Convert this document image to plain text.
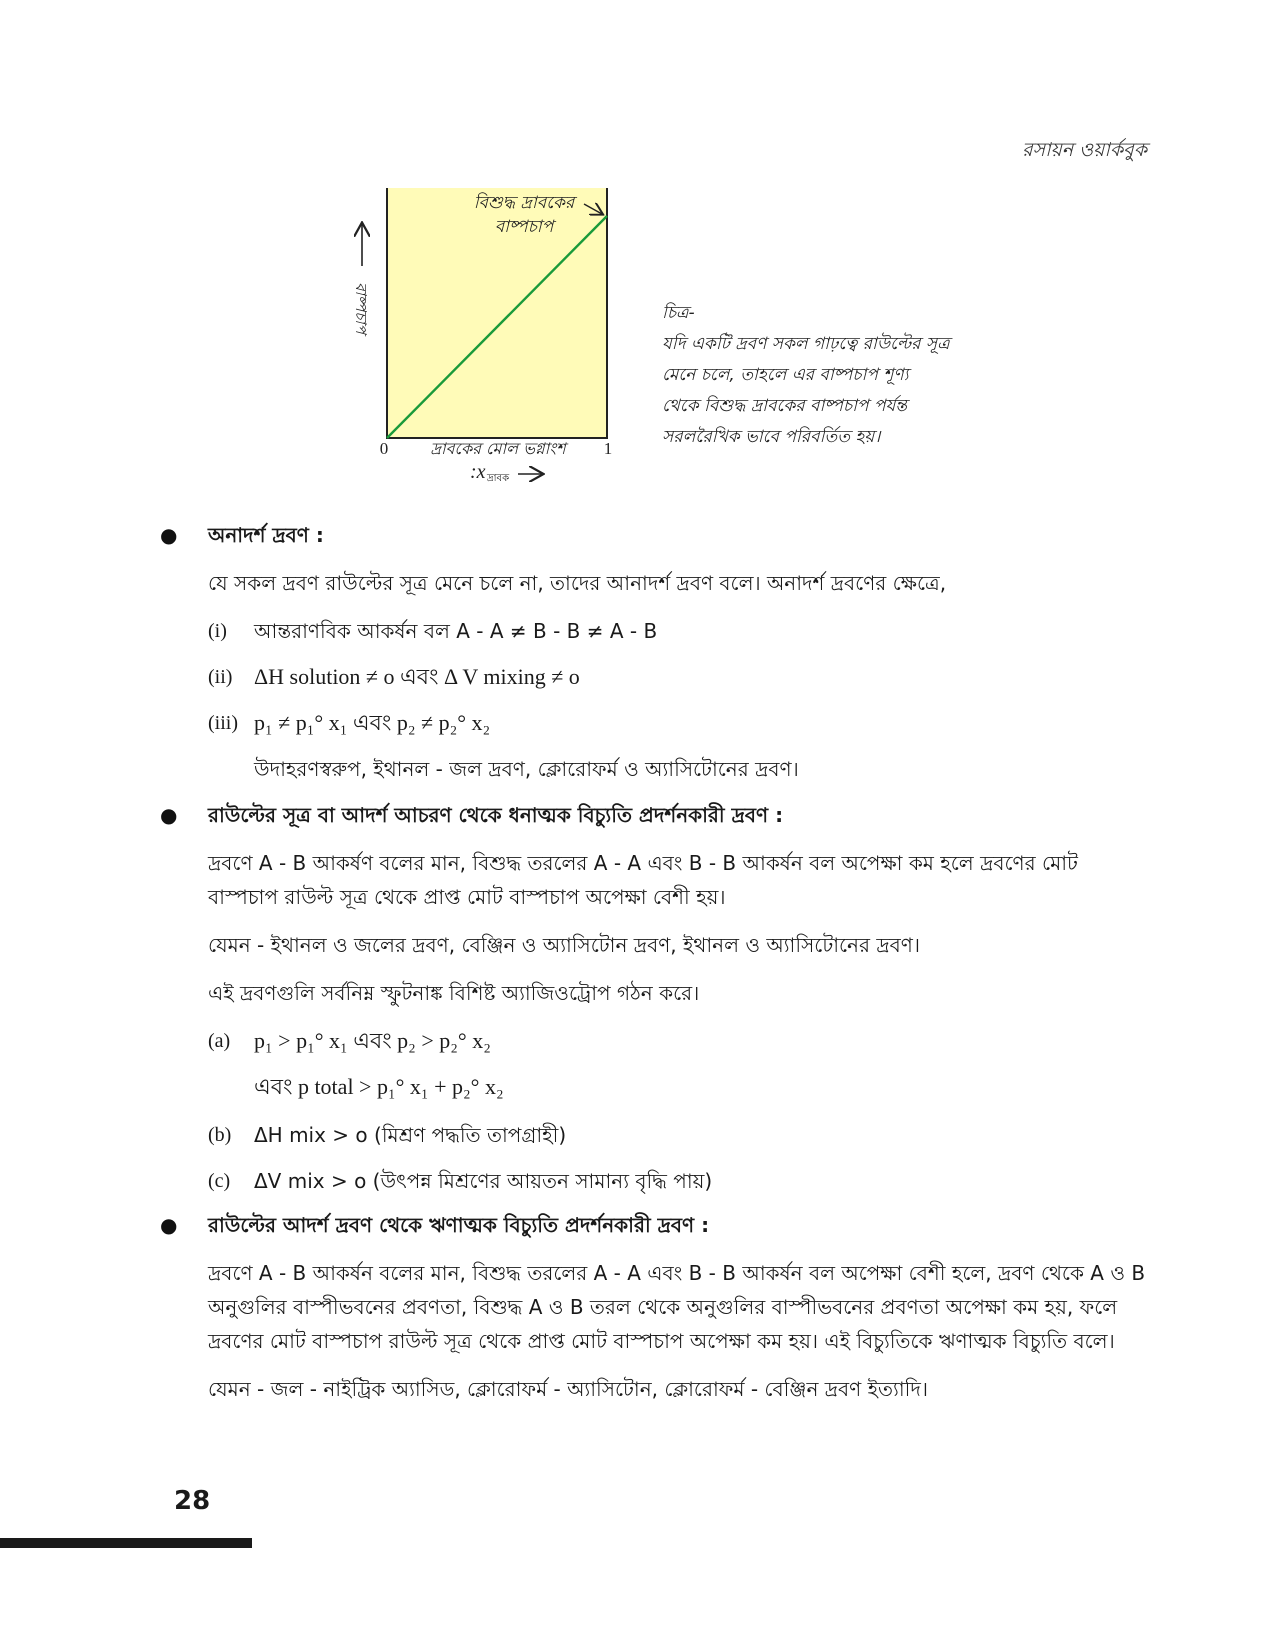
রসায়ন ওয়ার্কবুক
বিশুদ্ধ দ্রাবকের
বাষ্পচাপ
বাষ্পচাপ
0	1
দ্রাবকের মোল ভগ্নাংশ
:x দ্রাবক
চিত্র-
যদি একটি দ্রবণ সকল গাঢ়ত্বে রাউল্টের সূত্র
মেনে চলে, তাহলে এর বাষ্পচাপ শূণ্য
থেকে বিশুদ্ধ দ্রাবকের বাষ্পচাপ পর্যন্ত
সরলরৈখিক ভাবে পরিবর্তিত হয়।
● অনাদর্শ দ্রবণ :
যে সকল দ্রবণ রাউল্টের সূত্র মেনে চলে না, তাদের আনাদর্শ দ্রবণ বলে। অনাদর্শ দ্রবণের ক্ষেত্রে,
(i)	আন্তরাণবিক আকর্ষন বল A - A ≠ B - B ≠ A - B
(ii) ΔH solution ≠ o এবং Δ V mixing ≠ o
(iii) p₁ ≠ p₁° x₁ এবং p₂ ≠ p₂° x₂
উদাহরণস্বরুপ, ইথানল - জল দ্রবণ, ক্লোরোফর্ম ও অ্যাসিটোনের দ্রবণ।
● রাউল্টের সূত্র বা আদর্শ আচরণ থেকে ধনাত্মক বিচ্যুতি প্রদর্শনকারী দ্রবণ :
দ্রবণে A - B আকর্ষণ বলের মান, বিশুদ্ধ তরলের A - A এবং B - B আকর্ষন বল অপেক্ষা কম হলে দ্রবণের মোট বাস্পচাপ রাউল্ট সূত্র থেকে প্রাপ্ত মোট বাস্পচাপ অপেক্ষা বেশী হয়।
যেমন - ইথানল ও জলের দ্রবণ, বেঞ্জিন ও অ্যাসিটোন দ্রবণ, ইথানল ও অ্যাসিটোনের দ্রবণ।
এই দ্রবণগুলি সর্বনিম্ন স্ফুটনাঙ্ক বিশিষ্ট অ্যাজিওট্রোপ গঠন করে।
(a)	p₁ > p₁° x₁ এবং p₂ > p₂° x₂
এবং p total > p₁° x₁ + p₂° x₂
(b)	ΔH mix > o (মিশ্রণ পদ্ধতি তাপগ্রাহী)
(c)	ΔV mix > o (উৎপন্ন মিশ্রণের আয়তন সামান্য বৃদ্ধি পায়)
● রাউল্টের আদর্শ দ্রবণ থেকে ঋণাত্মক বিচ্যুতি প্রদর্শনকারী দ্রবণ :
দ্রবণে A - B আকর্ষন বলের মান, বিশুদ্ধ তরলের A - A এবং B - B আকর্ষন বল অপেক্ষা বেশী হলে, দ্রবণ থেকে A ও B অনুগুলির বাস্পীভবনের প্রবণতা, বিশুদ্ধ A ও B তরল থেকে অনুগুলির বাস্পীভবনের প্রবণতা অপেক্ষা কম হয়, ফলে দ্রবণের মোট বাস্পচাপ রাউল্ট সূত্র থেকে প্রাপ্ত মোট বাস্পচাপ অপেক্ষা কম হয়। এই বিচ্যুতিকে ঋণাত্মক বিচ্যুতি বলে।
যেমন - জল - নাইট্রিক অ্যাসিড, ক্লোরোফর্ম - অ্যাসিটোন, ক্লোরোফর্ম - বেঞ্জিন দ্রবণ ইত্যাদি।
28
